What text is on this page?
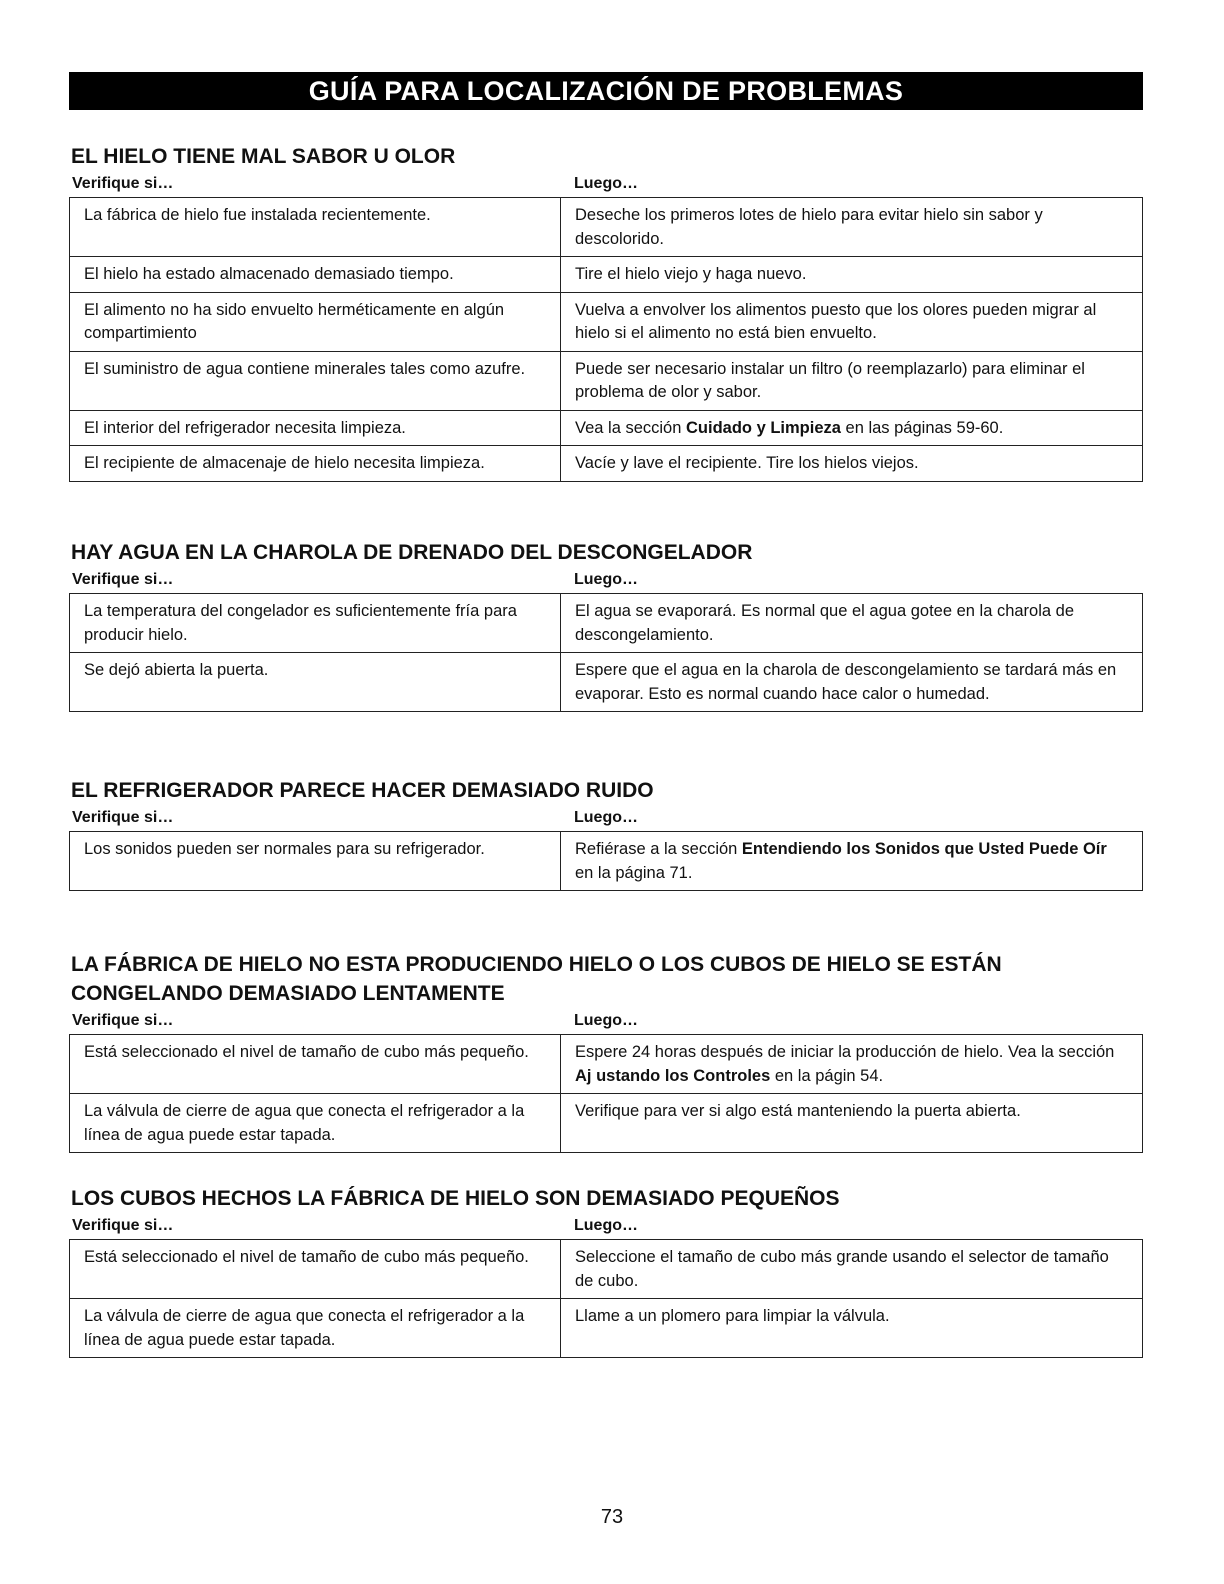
GUÍA PARA LOCALIZACIÓN DE PROBLEMAS
EL HIELO TIENE MAL SABOR U OLOR
Verifique si…	Luego…
La fábrica de hielo fue instalada recientemente.	Deseche los primeros lotes de hielo para evitar hielo sin sabor y descolorido.
El hielo ha estado almacenado demasiado tiempo.	Tire el hielo viejo y haga nuevo.
El alimento no ha sido envuelto herméticamente en algún compartimiento	Vuelva a envolver los alimentos puesto que los olores pueden migrar al hielo si el alimento no está bien envuelto.
El suministro de agua contiene minerales tales como azufre.	Puede ser necesario instalar un filtro (o reemplazarlo) para eliminar el problema de olor y sabor.
El interior del refrigerador necesita limpieza.	Vea la sección Cuidado y Limpieza en las páginas 59-60.
El recipiente de almacenaje de hielo necesita limpieza.	Vacíe y lave el recipiente. Tire los hielos viejos.
HAY AGUA EN LA CHAROLA DE DRENADO DEL DESCONGELADOR
Verifique si…	Luego…
La temperatura del congelador es suficientemente fría para producir hielo.	El agua se evaporará. Es normal que el agua gotee en la charola de descongelamiento.
Se dejó abierta la puerta.	Espere que el agua en la charola de descongelamiento se tardará más en evaporar. Esto es normal cuando hace calor o humedad.
EL REFRIGERADOR PARECE HACER DEMASIADO RUIDO
Verifique si…	Luego…
Los sonidos pueden ser normales para su refrigerador.	Refiérase a la sección Entendiendo los Sonidos que Usted Puede Oír en la página 71.
LA FÁBRICA DE HIELO NO ESTA PRODUCIENDO HIELO O LOS CUBOS DE HIELO SE ESTÁN CONGELANDO DEMASIADO LENTAMENTE
Verifique si…	Luego…
Está seleccionado el nivel de tamaño de cubo más pequeño.	Espere 24 horas después de iniciar la producción de hielo. Vea la sección Aj ustando los Controles en la págin 54.
La válvula de cierre de agua que conecta el refrigerador a la línea de agua puede estar tapada.	Verifique para ver si algo está manteniendo la puerta abierta.
LOS CUBOS HECHOS LA FÁBRICA DE HIELO SON DEMASIADO PEQUEÑOS
Verifique si…	Luego…
Está seleccionado el nivel de tamaño de cubo más pequeño.	Seleccione el tamaño de cubo más grande usando el selector de tamaño de cubo.
La válvula de cierre de agua que conecta el refrigerador a la línea de agua puede estar tapada.	Llame a un plomero para limpiar la válvula.
73
